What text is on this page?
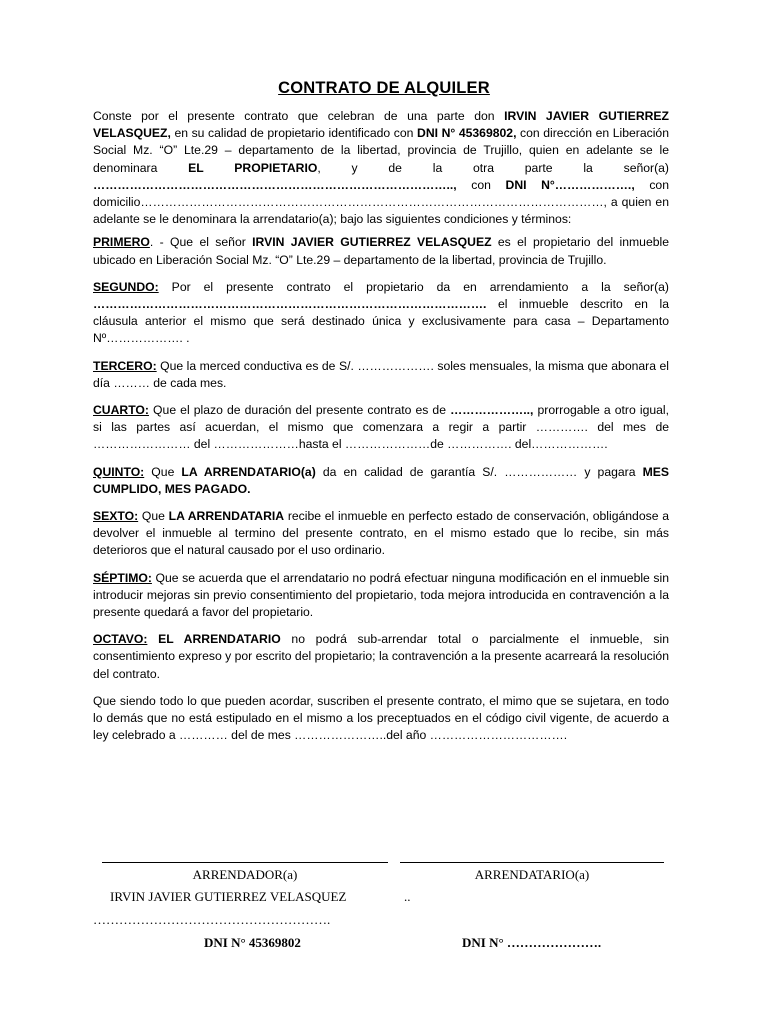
CONTRATO DE ALQUILER

Conste por el presente contrato que celebran de una parte don IRVIN JAVIER GUTIERREZ VELASQUEZ, en su calidad de propietario identificado con DNI N° 45369802, con dirección en Liberación Social Mz. “O” Lte.29 – departamento de la libertad, provincia de Trujillo, quien en adelante se le denominara EL PROPIETARIO, y de la otra parte la señor(a) …………………………………………………………………………….., con DNI N°………………., con domicilio……………………………………………………………………………………………………, a quien en adelante se le denominara la arrendatario(a); bajo las siguientes condiciones y términos:

PRIMERO. - Que el señor IRVIN JAVIER GUTIERREZ VELASQUEZ es el propietario del inmueble ubicado en Liberación Social Mz. “O” Lte.29 – departamento de la libertad, provincia de Trujillo.

SEGUNDO: Por el presente contrato el propietario da en arrendamiento a la señor(a) ……………………………………………………………………………………. el inmueble descrito en la cláusula anterior el mismo que será destinado única y exclusivamente para casa – Departamento Nº………………. .

TERCERO: Que la merced conductiva es de S/. ………………. soles mensuales, la misma que abonara el día ……… de cada mes.

CUARTO: Que el plazo de duración del presente contrato es de ……………….., prorrogable a otro igual, si las partes así acuerdan, el mismo que comenzara a regir a partir …………. del mes de …………………… del …………………hasta el …………………de ……………. del……………….

QUINTO: Que LA ARRENDATARIO(a) da en calidad de garantía S/. ……………… y pagara MES CUMPLIDO, MES PAGADO.

SEXTO: Que LA ARRENDATARIA recibe el inmueble en perfecto estado de conservación, obligándose a devolver el inmueble al termino del presente contrato, en el mismo estado que lo recibe, sin más deterioros que el natural causado por el uso ordinario.

SÉPTIMO: Que se acuerda que el arrendatario no podrá efectuar ninguna modificación en el inmueble sin introducir mejoras sin previo consentimiento del propietario, toda mejora introducida en contravención a la presente quedará a favor del propietario.

OCTAVO: EL ARRENDATARIO no podrá sub-arrendar total o parcialmente el inmueble, sin consentimiento expreso y por escrito del propietario; la contravención a la presente acarreará la resolución del contrato.

Que siendo todo lo que pueden acordar, suscriben el presente contrato, el mimo que se sujetara, en todo lo demás que no está estipulado en el mismo a los preceptuados en el código civil vigente, de acuerdo a ley celebrado a ………… del de mes …………………..del año …………………………….

ARRENDADOR(a)	ARRENDATARIO(a)
IRVIN JAVIER GUTIERREZ VELASQUEZ	..
……………………………………………….
DNI N° 45369802	DNI N° ………………….
